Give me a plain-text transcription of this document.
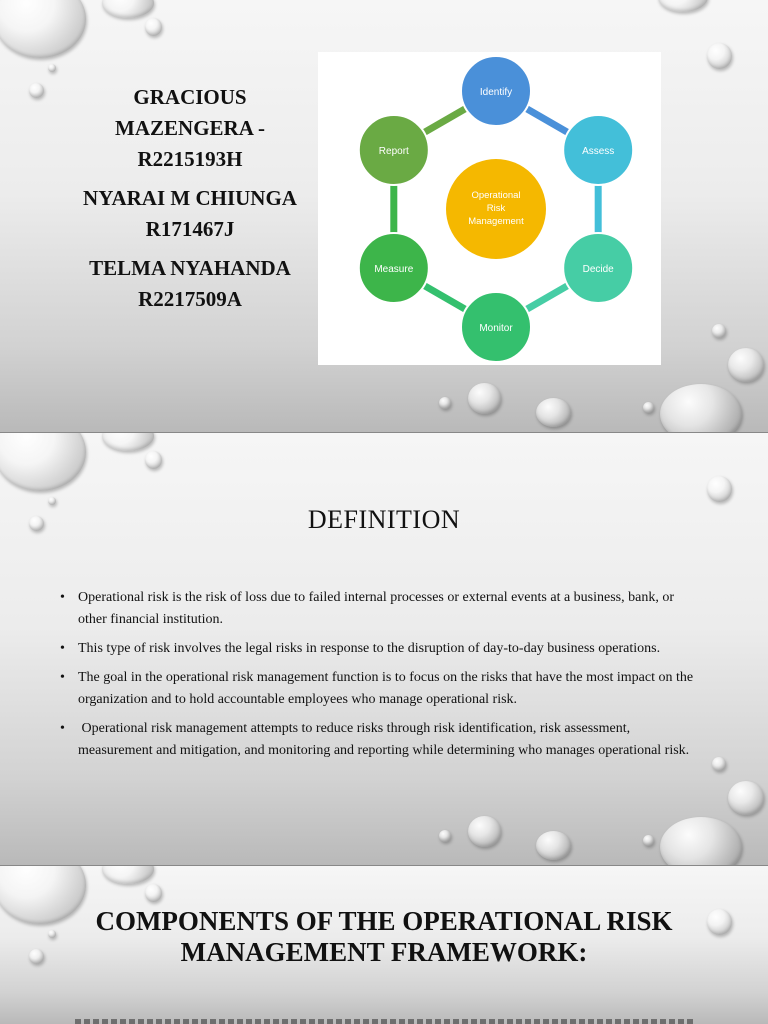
GRACIOUS
MAZENGERA -
R2215193H
NYARAI M CHIUNGA
R171467J
TELMA NYAHANDA
R2217509A
Operational
Risk
Management
Identify
Assess
Decide
Monitor
Measure
Report
DEFINITION
• Operational risk is the risk of loss due to failed internal processes or external events at a business, bank, or other financial institution.
• This type of risk involves the legal risks in response to the disruption of day-to-day business operations.
• The goal in the operational risk management function is to focus on the risks that have the most impact on the organization and to hold accountable employees who manage operational risk.
• Operational risk management attempts to reduce risks through risk identification, risk assessment, measurement and mitigation, and monitoring and reporting while determining who manages operational risk.
COMPONENTS OF THE OPERATIONAL RISK
MANAGEMENT FRAMEWORK:
